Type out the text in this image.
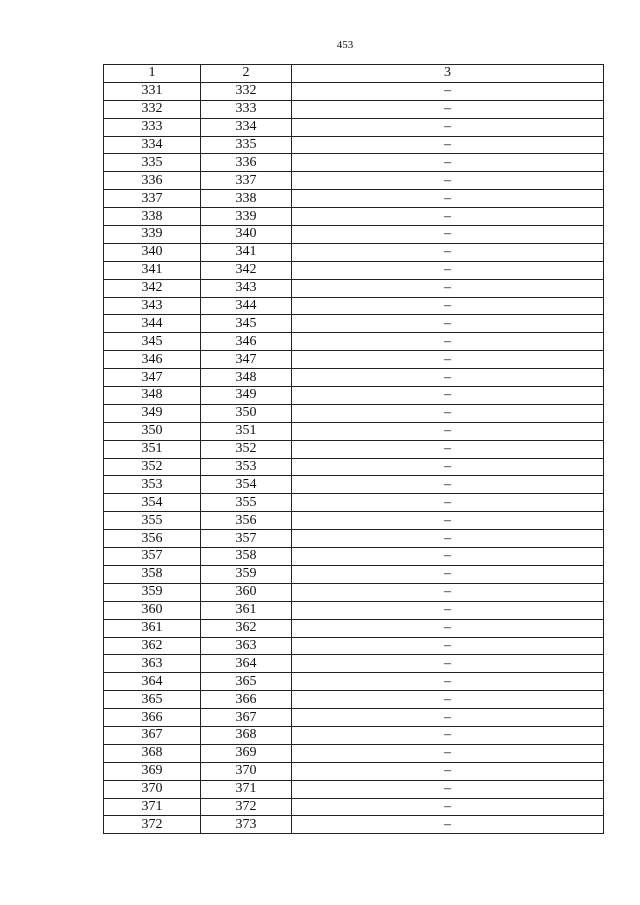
453
1	2	3
331	332	–
332	333	–
333	334	–
334	335	–
335	336	–
336	337	–
337	338	–
338	339	–
339	340	–
340	341	–
341	342	–
342	343	–
343	344	–
344	345	–
345	346	–
346	347	–
347	348	–
348	349	–
349	350	–
350	351	–
351	352	–
352	353	–
353	354	–
354	355	–
355	356	–
356	357	–
357	358	–
358	359	–
359	360	–
360	361	–
361	362	–
362	363	–
363	364	–
364	365	–
365	366	–
366	367	–
367	368	–
368	369	–
369	370	–
370	371	–
371	372	–
372	373	–
